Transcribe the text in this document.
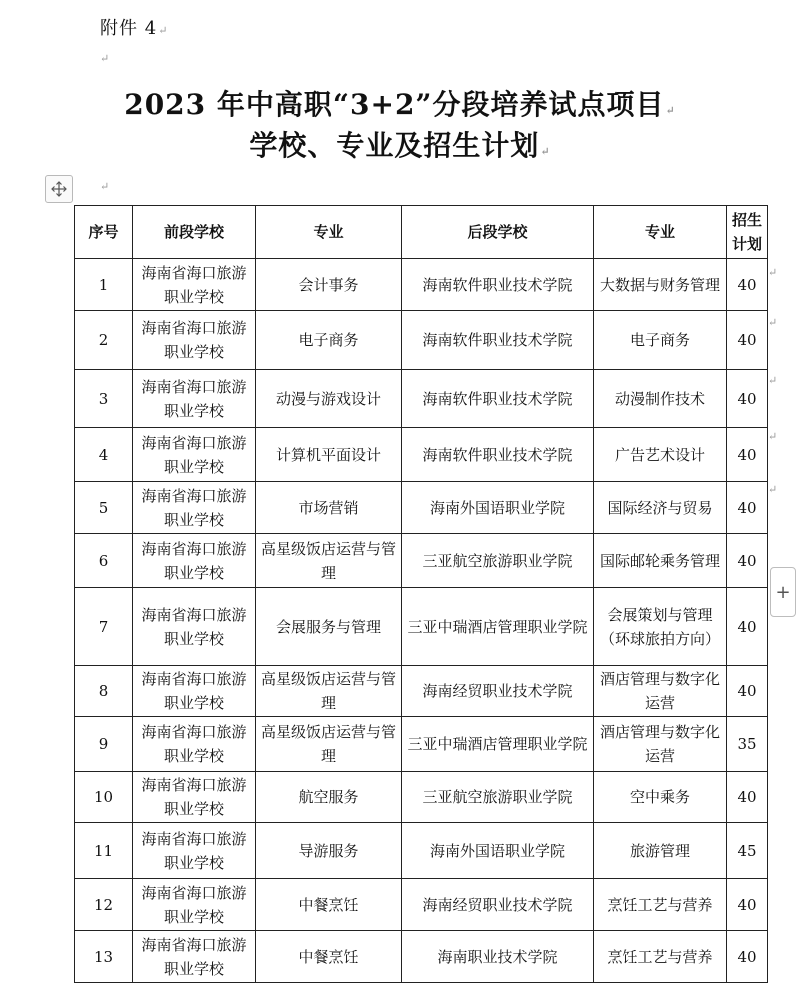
附件 4↵
↵
2023 年中高职“3+2”分段培养试点项目↵
学校、专业及招生计划↵
↵
序号	前段学校	专业	后段学校	专业	招生计划
1	海南省海口旅游职业学校	会计事务	海南软件职业技术学院	大数据与财务管理	40
2	海南省海口旅游职业学校	电子商务	海南软件职业技术学院	电子商务	40
3	海南省海口旅游职业学校	动漫与游戏设计	海南软件职业技术学院	动漫制作技术	40
4	海南省海口旅游职业学校	计算机平面设计	海南软件职业技术学院	广告艺术设计	40
5	海南省海口旅游职业学校	市场营销	海南外国语职业学院	国际经济与贸易	40
6	海南省海口旅游职业学校	高星级饭店运营与管理	三亚航空旅游职业学院	国际邮轮乘务管理	40
7	海南省海口旅游职业学校	会展服务与管理	三亚中瑞酒店管理职业学院	会展策划与管理（环球旅拍方向）	40
8	海南省海口旅游职业学校	高星级饭店运营与管理	海南经贸职业技术学院	酒店管理与数字化运营	40
9	海南省海口旅游职业学校	高星级饭店运营与管理	三亚中瑞酒店管理职业学院	酒店管理与数字化运营	35
10	海南省海口旅游职业学校	航空服务	三亚航空旅游职业学院	空中乘务	40
11	海南省海口旅游职业学校	导游服务	海南外国语职业学院	旅游管理	45
12	海南省海口旅游职业学校	中餐烹饪	海南经贸职业技术学院	烹饪工艺与营养	40
13	海南省海口旅游职业学校	中餐烹饪	海南职业技术学院	烹饪工艺与营养	40
↵
↵
↵
↵
↵
+
